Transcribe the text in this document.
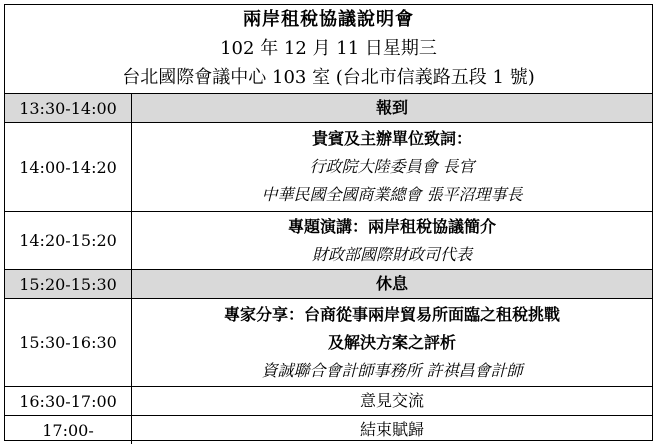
兩岸租稅協議說明會
102 年 12 月 11 日星期三
台北國際會議中心 103 室 (台北市信義路五段 1 號)
13:30-14:00	報到

14:00-14:20	貴賓及主辦單位致詞：
行政院大陸委員會 長官
中華民國全國商業總會 張平沼理事長

14:20-15:20	專題演講：兩岸租稅協議簡介
財政部國際財政司代表

15:20-15:30	休息

15:30-16:30	專家分享：台商從事兩岸貿易所面臨之租稅挑戰
及解決方案之評析
資誠聯合會計師事務所 許祺昌會計師

16:30-17:00	意見交流

17:00-	結束賦歸
